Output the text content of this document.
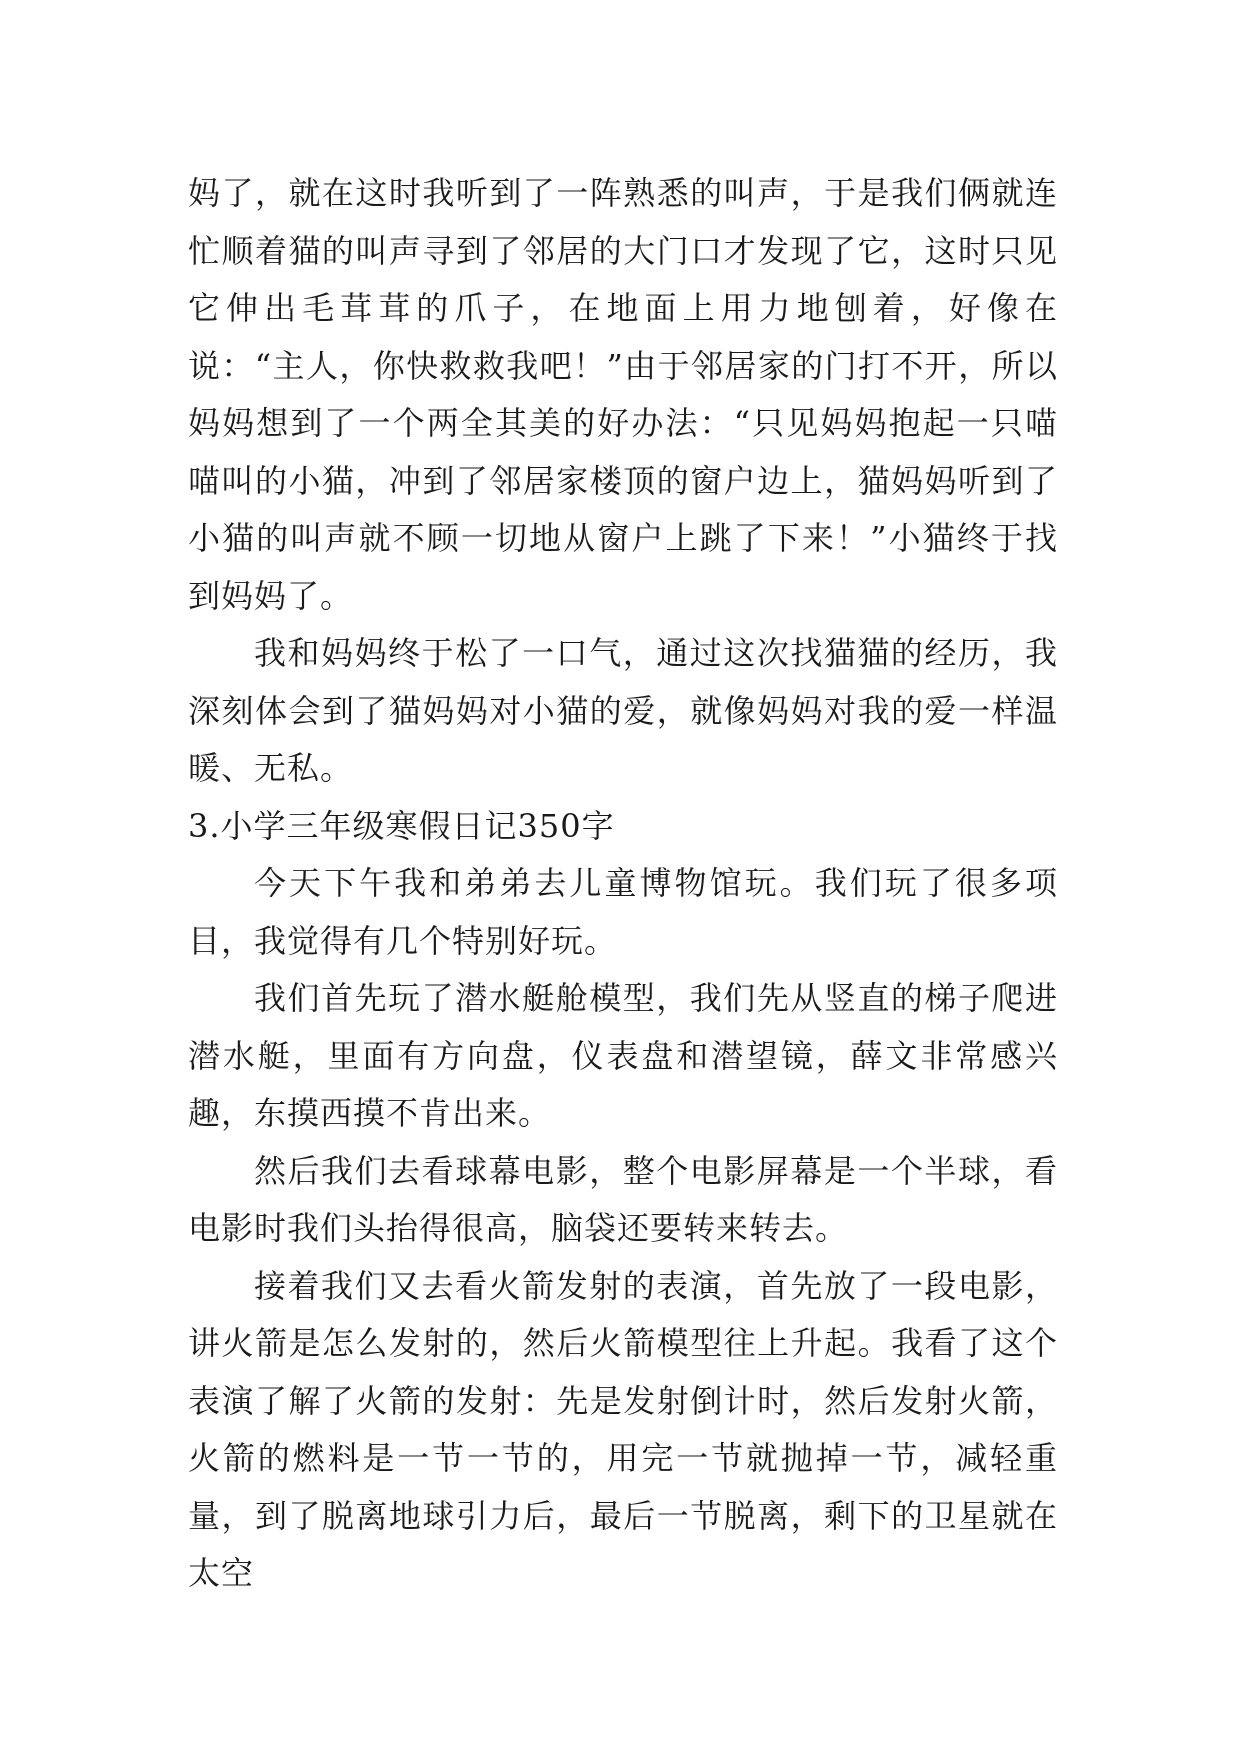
妈了，就在这时我听到了一阵熟悉的叫声，于是我们俩就连忙顺着猫的叫声寻到了邻居的大门口才发现了它，这时只见它伸出毛茸茸的爪子，在地面上用力地刨着，好像在说：“主人，你快救救我吧！”由于邻居家的门打不开，所以妈妈想到了一个两全其美的好办法：“只见妈妈抱起一只喵喵叫的小猫，冲到了邻居家楼顶的窗户边上，猫妈妈听到了小猫的叫声就不顾一切地从窗户上跳了下来！”小猫终于找到妈妈了。

我和妈妈终于松了一口气，通过这次找猫猫的经历，我深刻体会到了猫妈妈对小猫的爱，就像妈妈对我的爱一样温暖、无私。

3.小学三年级寒假日记350字

今天下午我和弟弟去儿童博物馆玩。我们玩了很多项目，我觉得有几个特别好玩。

我们首先玩了潜水艇舱模型，我们先从竖直的梯子爬进潜水艇，里面有方向盘，仪表盘和潜望镜，薛文非常感兴趣，东摸西摸不肯出来。

然后我们去看球幕电影，整个电影屏幕是一个半球，看电影时我们头抬得很高，脑袋还要转来转去。

接着我们又去看火箭发射的表演，首先放了一段电影，讲火箭是怎么发射的，然后火箭模型往上升起。我看了这个表演了解了火箭的发射：先是发射倒计时，然后发射火箭，火箭的燃料是一节一节的，用完一节就抛掉一节，减轻重量，到了脱离地球引力后，最后一节脱离，剩下的卫星就在太空
